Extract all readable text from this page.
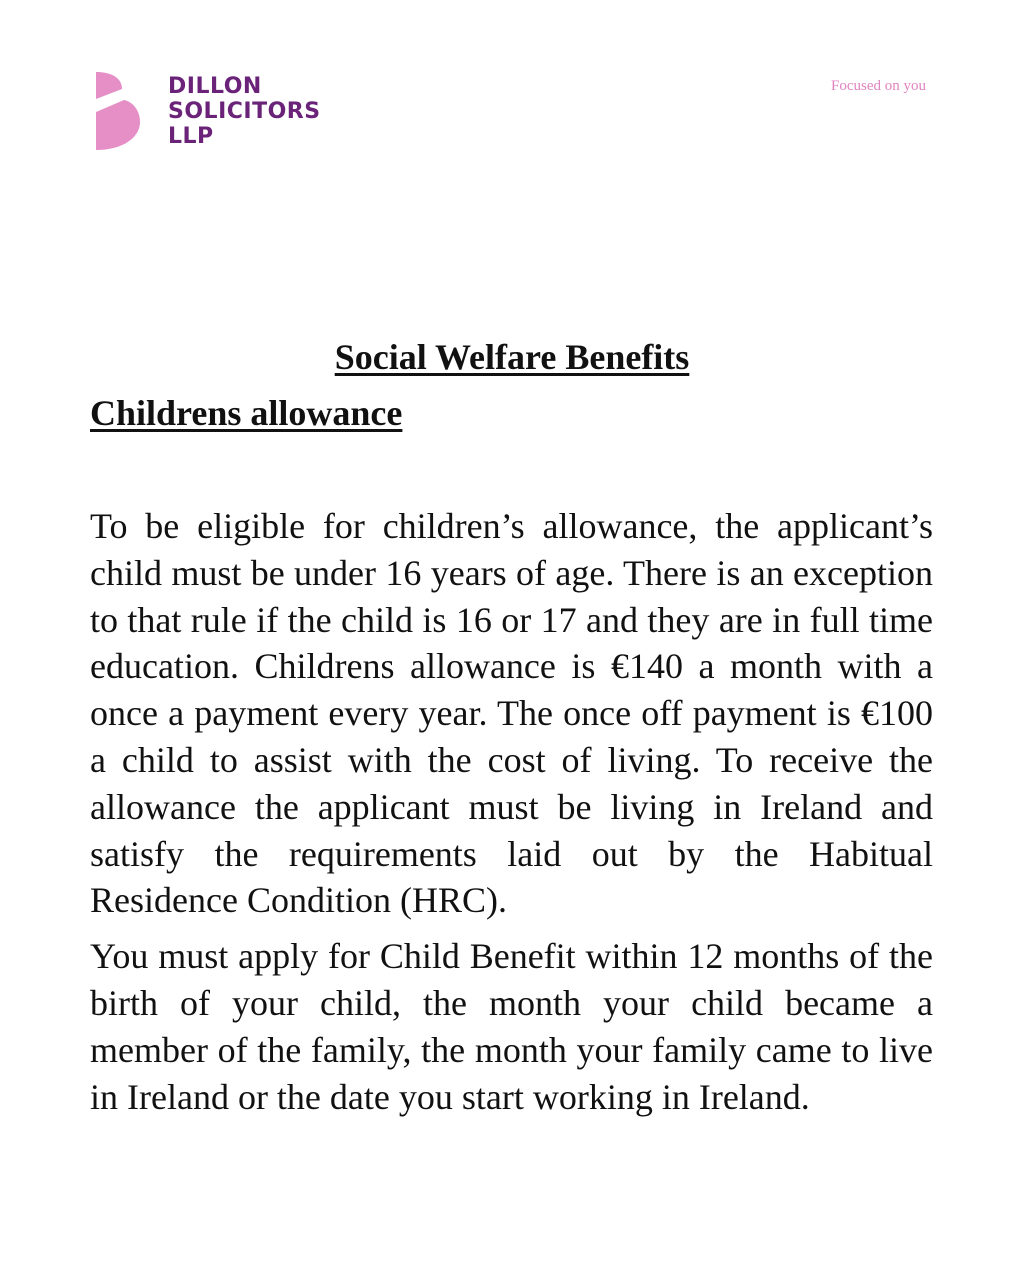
DILLON
SOLICITORS
LLP
Focused on you
Social Welfare Benefits
Childrens allowance

To be eligible for children’s allowance, the applicant’s child must be under 16 years of age. There is an exception to that rule if the child is 16 or 17 and they are in full time education. Childrens allowance is €140 a month with a once a payment every year. The once off payment is €100 a child to assist with the cost of living. To receive the allowance the applicant must be living in Ireland and satisfy the requirements laid out by the Habitual Residence Condition (HRC).

You must apply for Child Benefit within 12 months of the birth of your child, the month your child became a member of the family, the month your family came to live in Ireland or the date you start working in Ireland.
